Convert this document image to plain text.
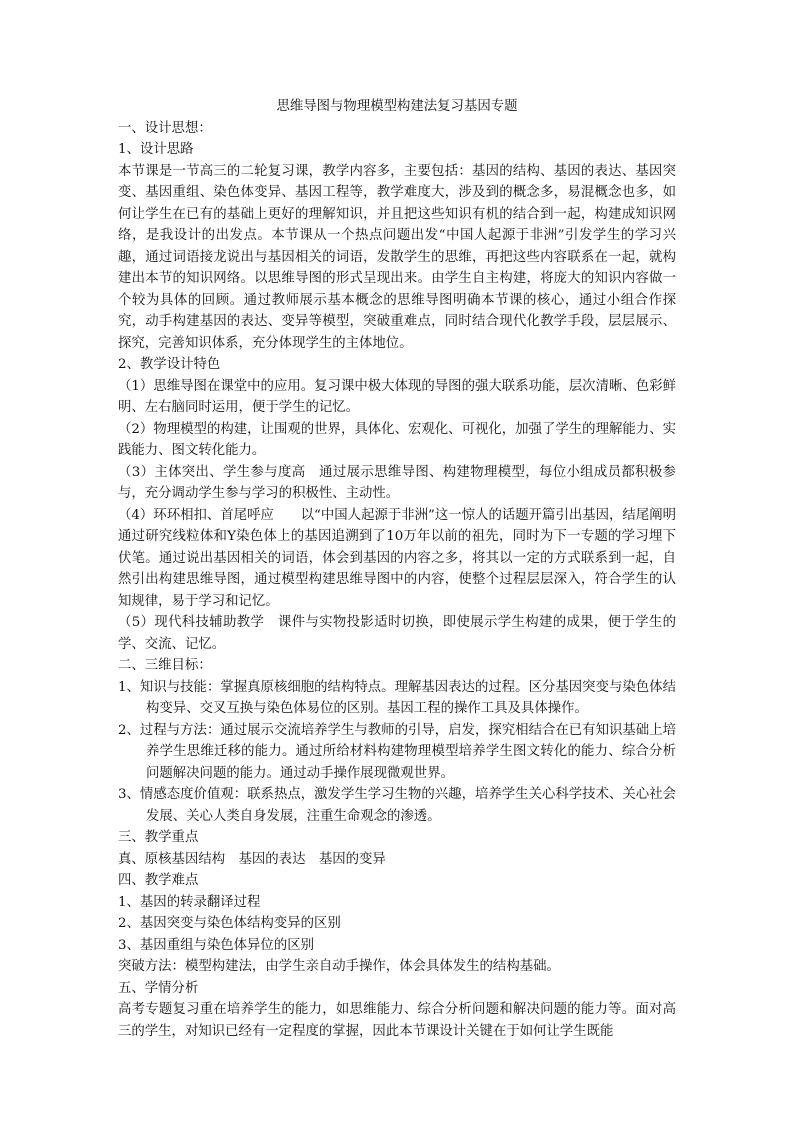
思维导图与物理模型构建法复习基因专题

一、设计思想：

1、设计思路

本节课是一节高三的二轮复习课，教学内容多，主要包括：基因的结构、基因的表达、基因突变、基因重组、染色体变异、基因工程等，教学难度大，涉及到的概念多，易混概念也多，如何让学生在已有的基础上更好的理解知识，并且把这些知识有机的结合到一起，构建成知识网络，是我设计的出发点。本节课从一个热点问题出发“中国人起源于非洲”引发学生的学习兴趣，通过词语接龙说出与基因相关的词语，发散学生的思维，再把这些内容联系在一起，就构建出本节的知识网络。以思维导图的形式呈现出来。由学生自主构建，将庞大的知识内容做一个较为具体的回顾。通过教师展示基本概念的思维导图明确本节课的核心，通过小组合作探究，动手构建基因的表达、变异等模型，突破重难点，同时结合现代化教学手段，层层展示、探究，完善知识体系，充分体现学生的主体地位。

2、教学设计特色

（1）思维导图在课堂中的应用。复习课中极大体现的导图的强大联系功能，层次清晰、色彩鲜明、左右脑同时运用，便于学生的记忆。

（2）物理模型的构建，让围观的世界，具体化、宏观化、可视化，加强了学生的理解能力、实践能力、图文转化能力。

（3）主体突出、学生参与度高　通过展示思维导图、构建物理模型，每位小组成员都积极参与，充分调动学生参与学习的积极性、主动性。

（4）环环相扣、首尾呼应　　以“中国人起源于非洲”这一惊人的话题开篇引出基因，结尾阐明通过研究线粒体和Y染色体上的基因追溯到了10万年以前的祖先，同时为下一专题的学习埋下伏笔。通过说出基因相关的词语，体会到基因的内容之多，将其以一定的方式联系到一起，自然引出构建思维导图，通过模型构建思维导图中的内容，使整个过程层层深入，符合学生的认知规律，易于学习和记忆。

（5）现代科技辅助教学　课件与实物投影适时切换，即使展示学生构建的成果，便于学生的学、交流、记忆。

二、三维目标：

1、知识与技能：掌握真原核细胞的结构特点。理解基因表达的过程。区分基因突变与染色体结构变异、交叉互换与染色体易位的区别。基因工程的操作工具及具体操作。

2、过程与方法：通过展示交流培养学生与教师的引导，启发，探究相结合在已有知识基础上培养学生思维迁移的能力。通过所给材料构建物理模型培养学生图文转化的能力、综合分析问题解决问题的能力。通过动手操作展现微观世界。

3、情感态度价值观：联系热点，激发学生学习生物的兴趣，培养学生关心科学技术、关心社会发展、关心人类自身发展，注重生命观念的渗透。

三、教学重点

真、原核基因结构　基因的表达　基因的变异

四、教学难点

1、基因的转录翻译过程

2、基因突变与染色体结构变异的区别

3、基因重组与染色体异位的区别

突破方法：模型构建法，由学生亲自动手操作，体会具体发生的结构基础。

五、学情分析

高考专题复习重在培养学生的能力，如思维能力、综合分析问题和解决问题的能力等。面对高三的学生，对知识已经有一定程度的掌握，因此本节课设计关键在于如何让学生既能
